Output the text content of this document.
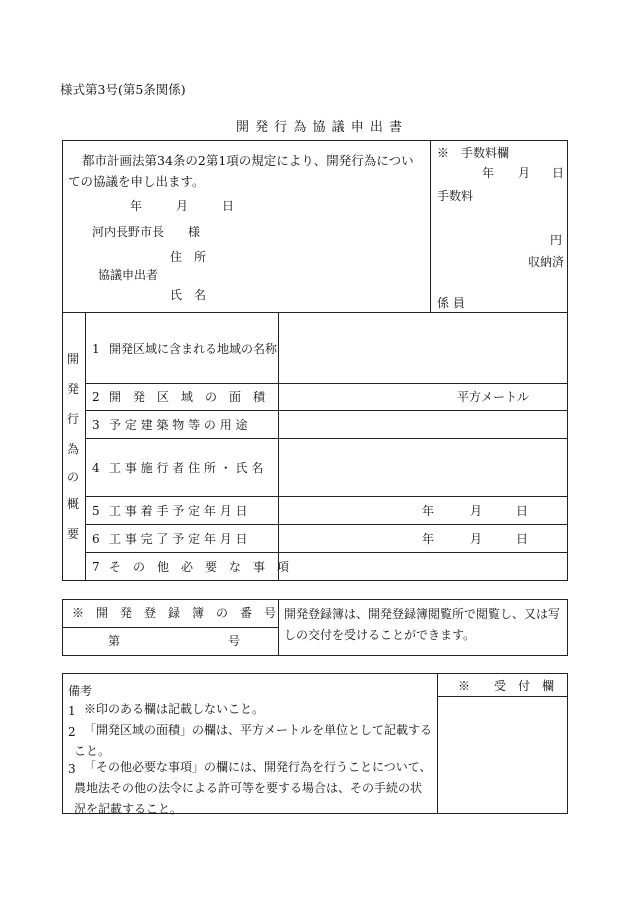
様式第3号(第5条関係)
開 発 行 為 協 議 申 出 書
都市計画法第34条の2第1項の規定により、開発行為についての協議を申し出ます。
年	月	日
河内長野市長　　様
住　所
協議申出者
氏　名
※　手数料欄
年 月 日
手数料
円
収納済
係 員
開
発
行
為
の
概
要
1 開発区域に含まれる地域の名称
2 開　発　区　域　の　面　積	平方メートル
3 予 定 建 築 物 等 の 用 途
4 工 事 施 行 者 住 所 ・ 氏 名
5 工 事 着 手 予 定 年 月 日	年	月	日
6 工 事 完 了 予 定 年 月 日	年	月	日
7 そ　の　他　必　要　な　事　項
※　開　発　登　録　簿　の　番　号
第	号
開発登録簿は、開発登録簿閲覧所で閲覧し、又は写しの交付を受けることができます。
※　　受　付　欄
備考
1 ※印のある欄は記載しないこと。
2 「開発区域の面積」の欄は、平方メートルを単位として記載すること。
3 「その他必要な事項」の欄には、開発行為を行うことについて、農地法その他の法令による許可等を要する場合は、その手続の状況を記載すること。
